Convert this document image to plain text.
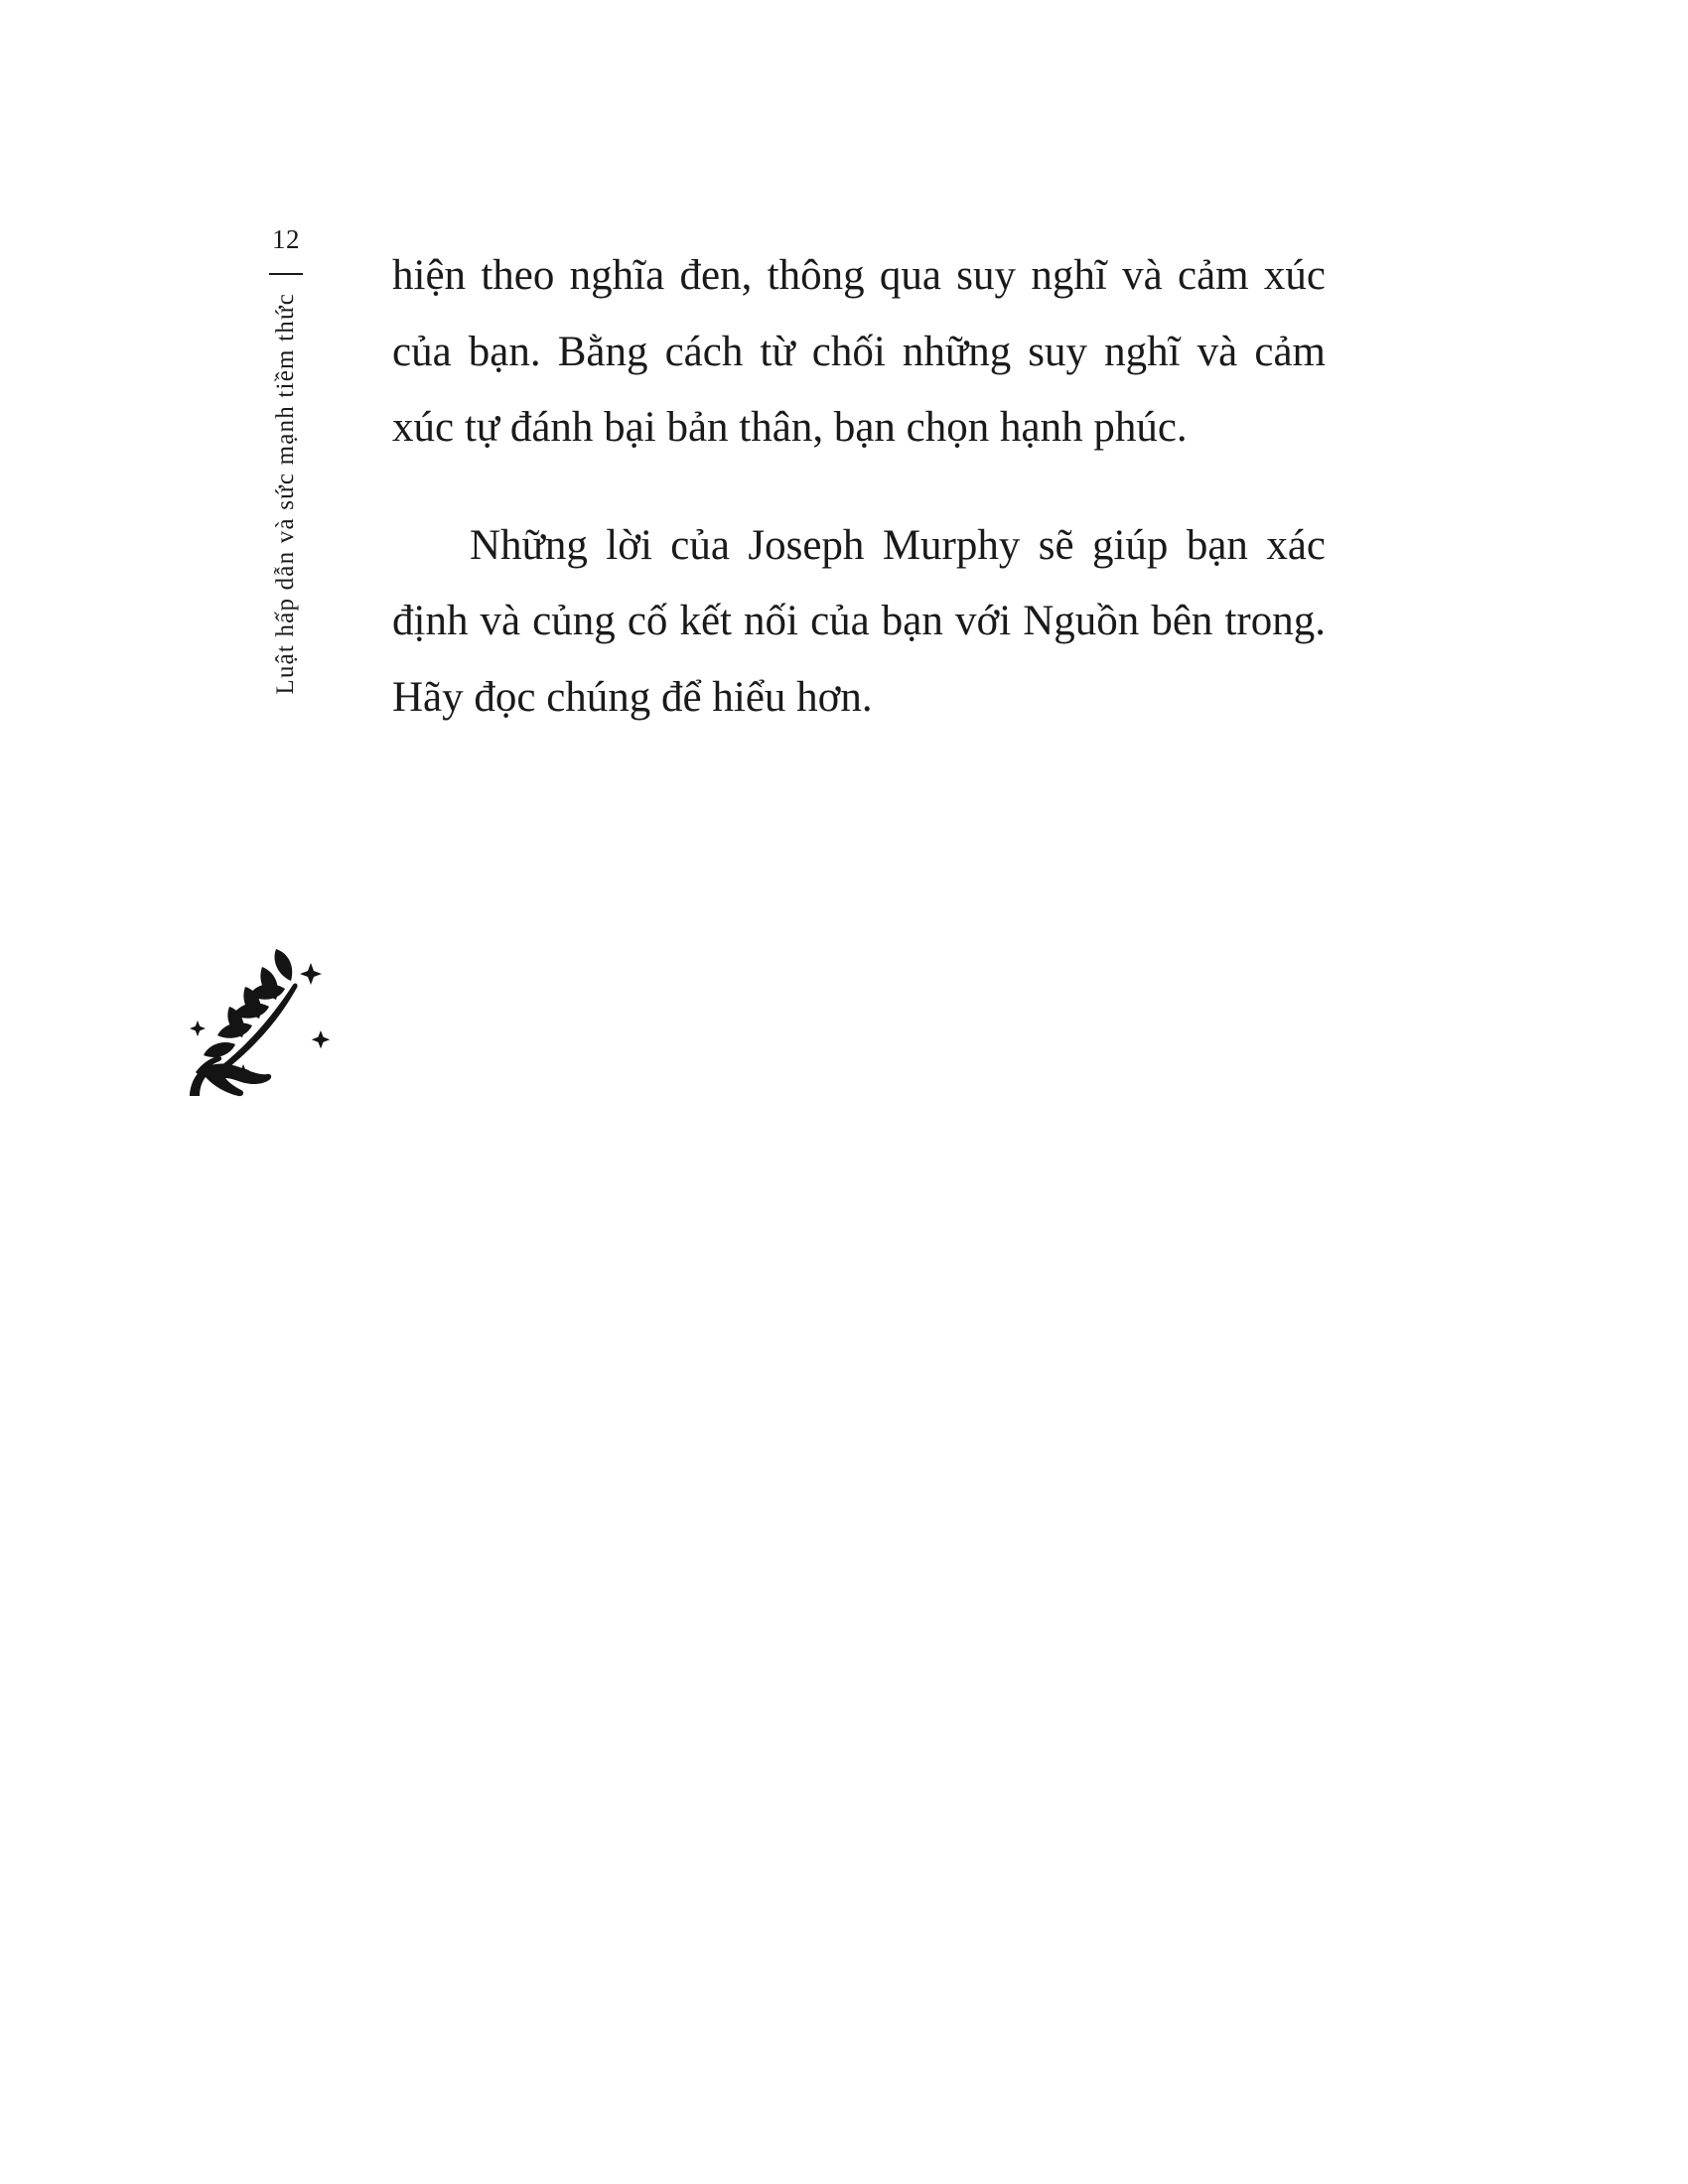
12
Luật hấp dẫn và sức mạnh tiềm thức

hiện theo nghĩa đen, thông qua suy nghĩ và cảm xúc của bạn. Bằng cách từ chối những suy nghĩ và cảm xúc tự đánh bại bản thân, bạn chọn hạnh phúc.

Những lời của Joseph Murphy sẽ giúp bạn xác định và củng cố kết nối của bạn với Nguồn bên trong. Hãy đọc chúng để hiểu hơn.
